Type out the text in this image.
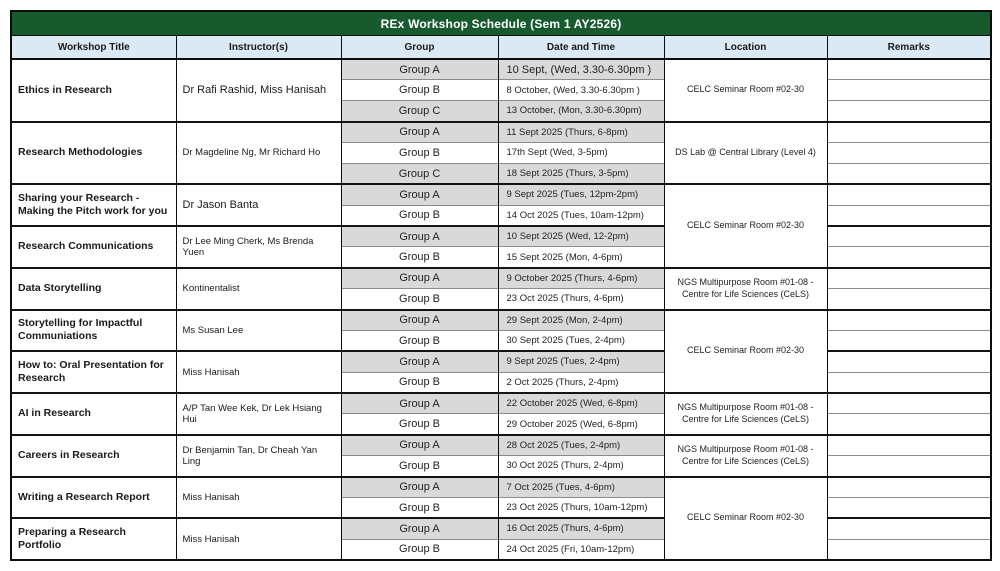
REx Workshop Schedule (Sem 1 AY2526)					
Workshop Title	Instructor(s)	Group	Date and Time	Location	Remarks
Ethics in Research	Dr Rafi Rashid, Miss Hanisah	Group A	10 Sept, (Wed, 3.30-6.30pm )	CELC Seminar Room #02-30	
		Group B	8 October, (Wed, 3.30-6.30pm )		
		Group C	13 October, (Mon, 3.30-6.30pm)		
Research Methodologies	Dr Magdeline Ng, Mr Richard Ho	Group A	11 Sept 2025 (Thurs, 6-8pm)	DS Lab @ Central Library (Level 4)	
		Group B	17th Sept (Wed, 3-5pm)		
		Group C	18 Sept 2025 (Thurs, 3-5pm)		
Sharing your Research - Making the Pitch work for you	Dr Jason Banta	Group A	9 Sept 2025 (Tues, 12pm-2pm)	CELC Seminar Room #02-30	
		Group B	14 Oct 2025 (Tues, 10am-12pm)		
Research Communications	Dr Lee Ming Cherk, Ms Brenda Yuen	Group A	10 Sept 2025 (Wed, 12-2pm)		
		Group B	15 Sept 2025 (Mon, 4-6pm)		
Data Storytelling	Kontinentalist	Group A	9 October 2025 (Thurs, 4-6pm)	NGS Multipurpose Room #01-08 - Centre for Life Sciences (CeLS)	
		Group B	23 Oct 2025 (Thurs, 4-6pm)		
Storytelling for Impactful Communiations	Ms Susan Lee	Group A	29 Sept 2025 (Mon, 2-4pm)	CELC Seminar Room #02-30	
		Group B	30 Sept 2025 (Tues, 2-4pm)		
How to: Oral Presentation for Research	Miss Hanisah	Group A	9 Sept 2025 (Tues, 2-4pm)		
		Group B	2 Oct 2025 (Thurs, 2-4pm)		
AI in Research	A/P Tan Wee Kek, Dr Lek Hsiang Hui	Group A	22 October 2025 (Wed, 6-8pm)	NGS Multipurpose Room #01-08 - Centre for Life Sciences (CeLS)	
		Group B	29 October 2025 (Wed, 6-8pm)		
Careers in Research	Dr Benjamin Tan, Dr Cheah Yan Ling	Group A	28 Oct 2025 (Tues, 2-4pm)	NGS Multipurpose Room #01-08 - Centre for Life Sciences (CeLS)	
		Group B	30 Oct 2025 (Thurs, 2-4pm)		
Writing a Research Report	Miss Hanisah	Group A	7 Oct 2025 (Tues, 4-6pm)	CELC Seminar Room #02-30	
		Group B	23 Oct 2025 (Thurs, 10am-12pm)		
Preparing a Research Portfolio	Miss Hanisah	Group A	16 Oct 2025 (Thurs, 4-6pm)		
		Group B	24 Oct 2025 (Fri, 10am-12pm)		
